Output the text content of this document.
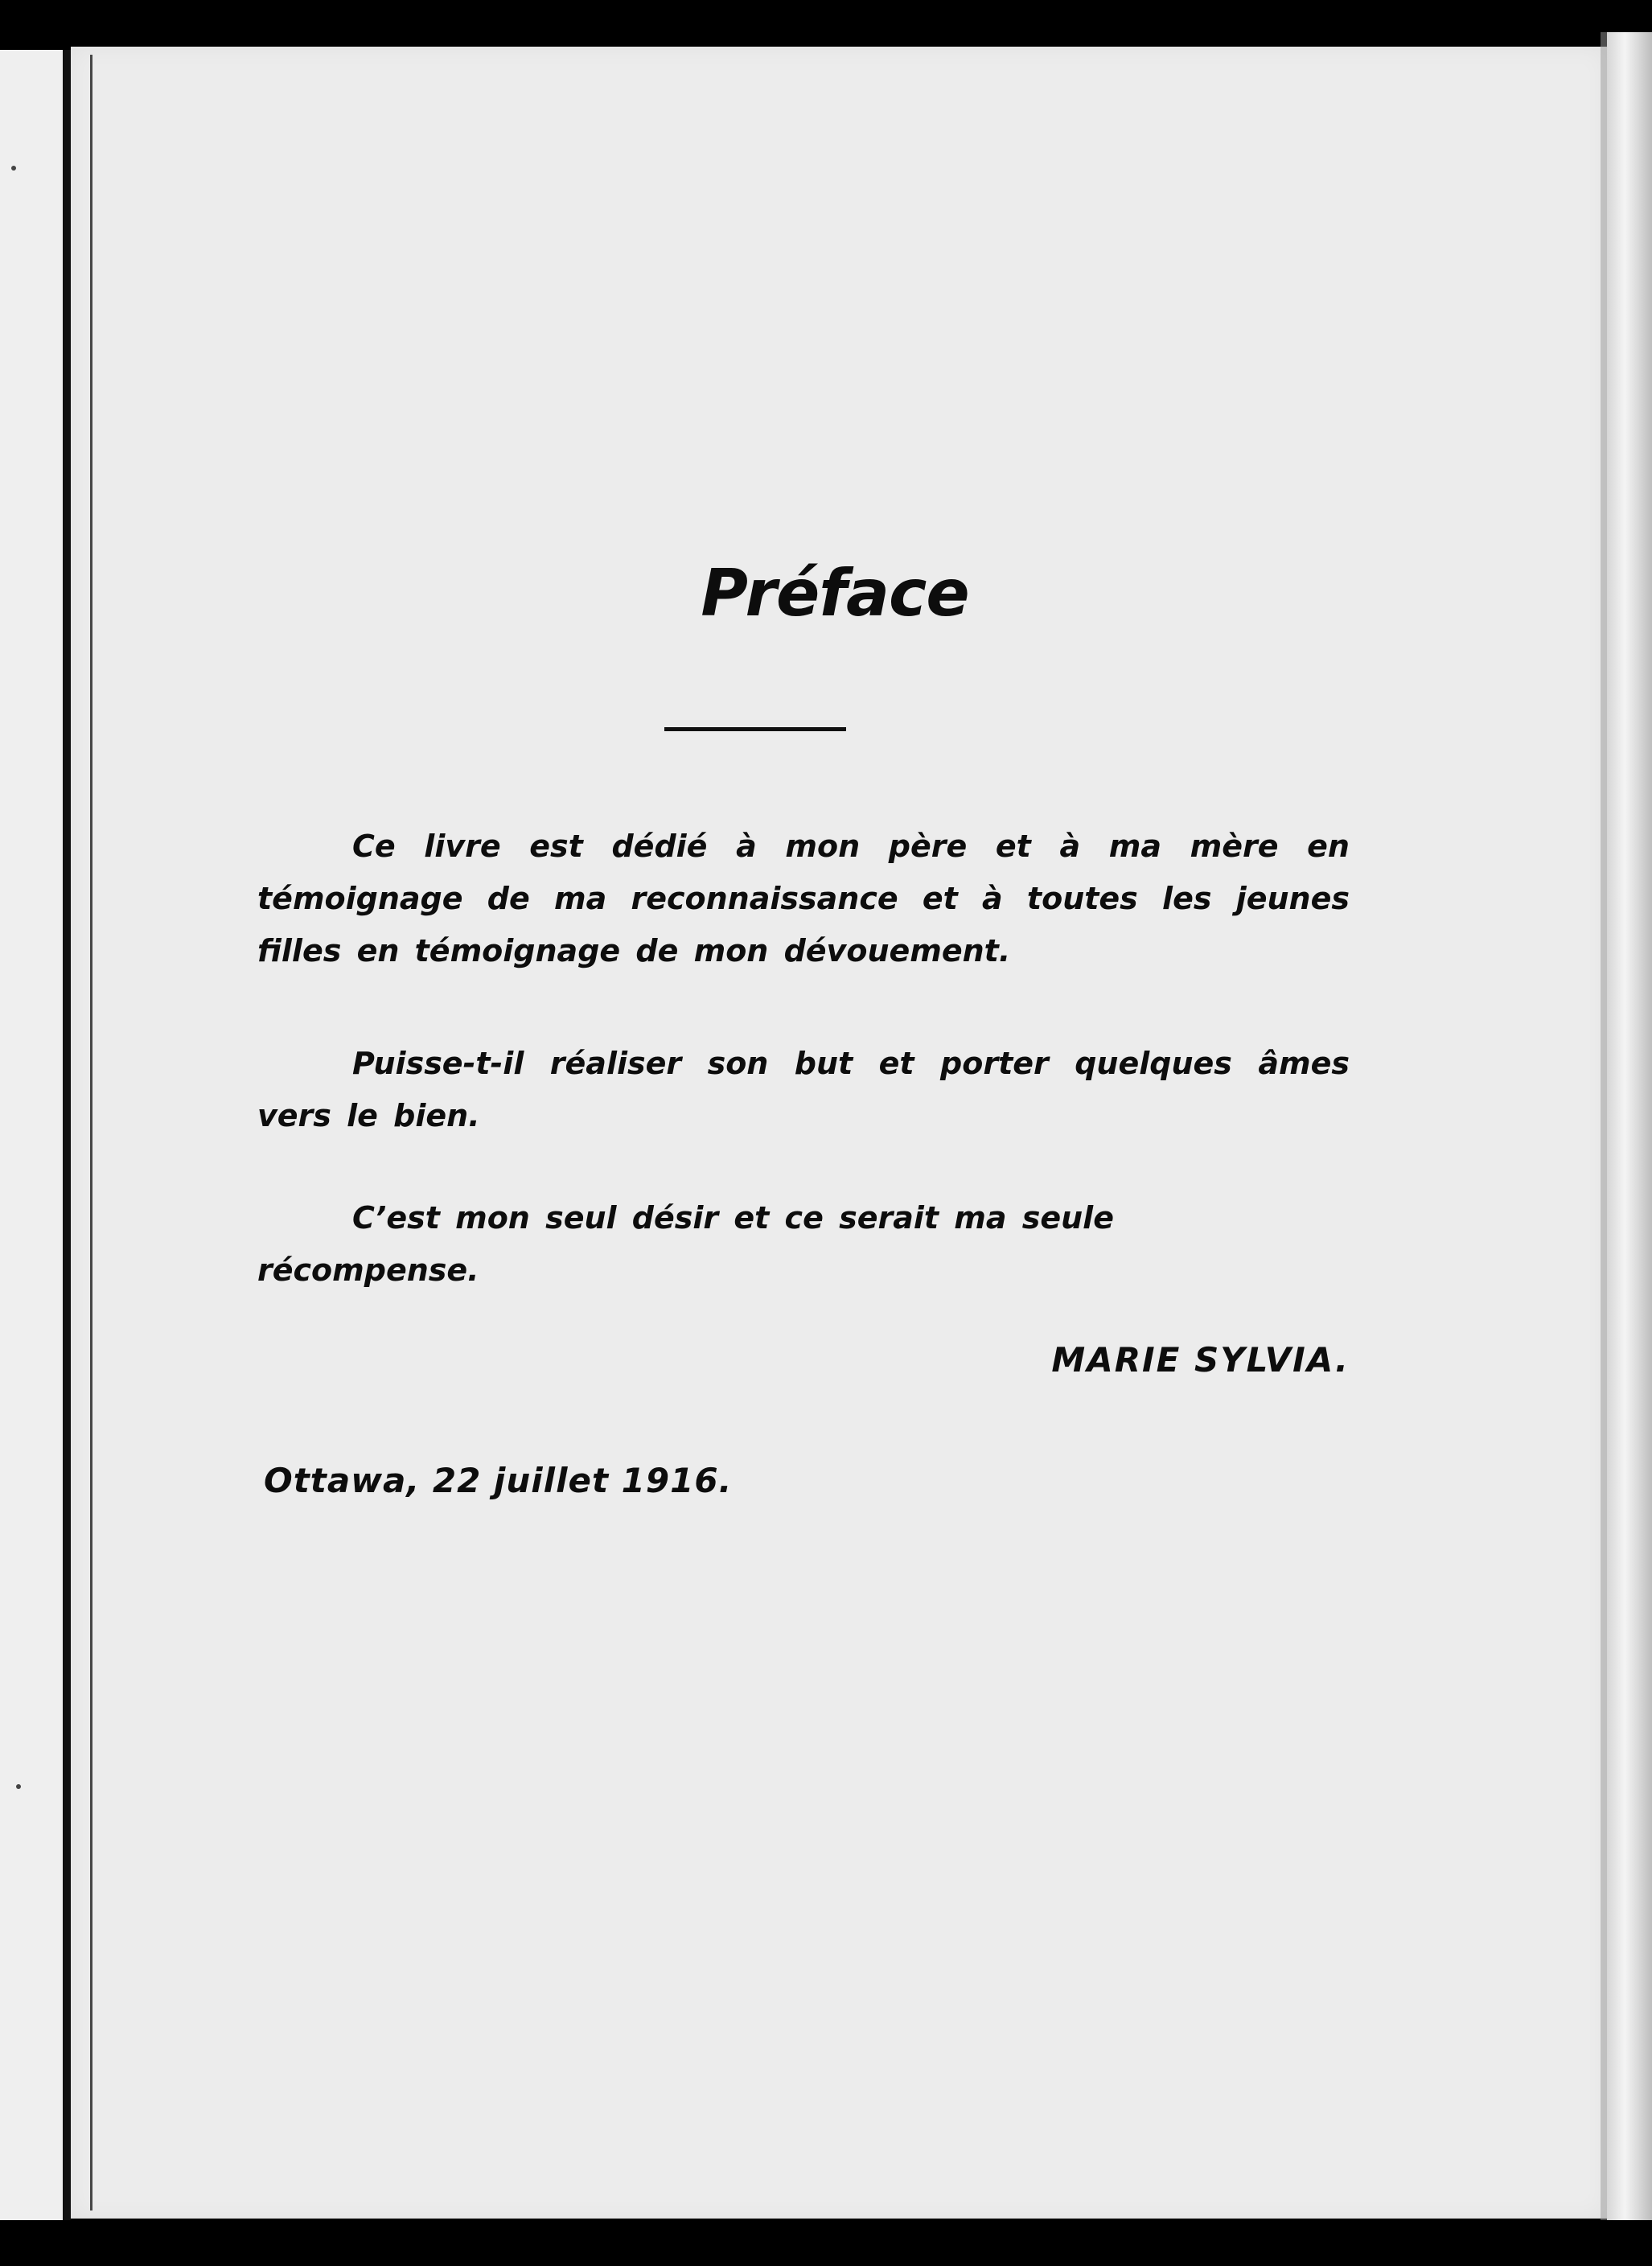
Préface

Ce livre est dédié à mon père et à ma mère en témoignage de ma reconnaissance et à toutes les jeunes filles en témoignage de mon dévouement.

Puisse-t-il réaliser son but et porter quelques âmes vers le bien.

C’est mon seul désir et ce serait ma seule récompense.

MARIE SYLVIA.
Ottawa, 22 juillet 1916.
